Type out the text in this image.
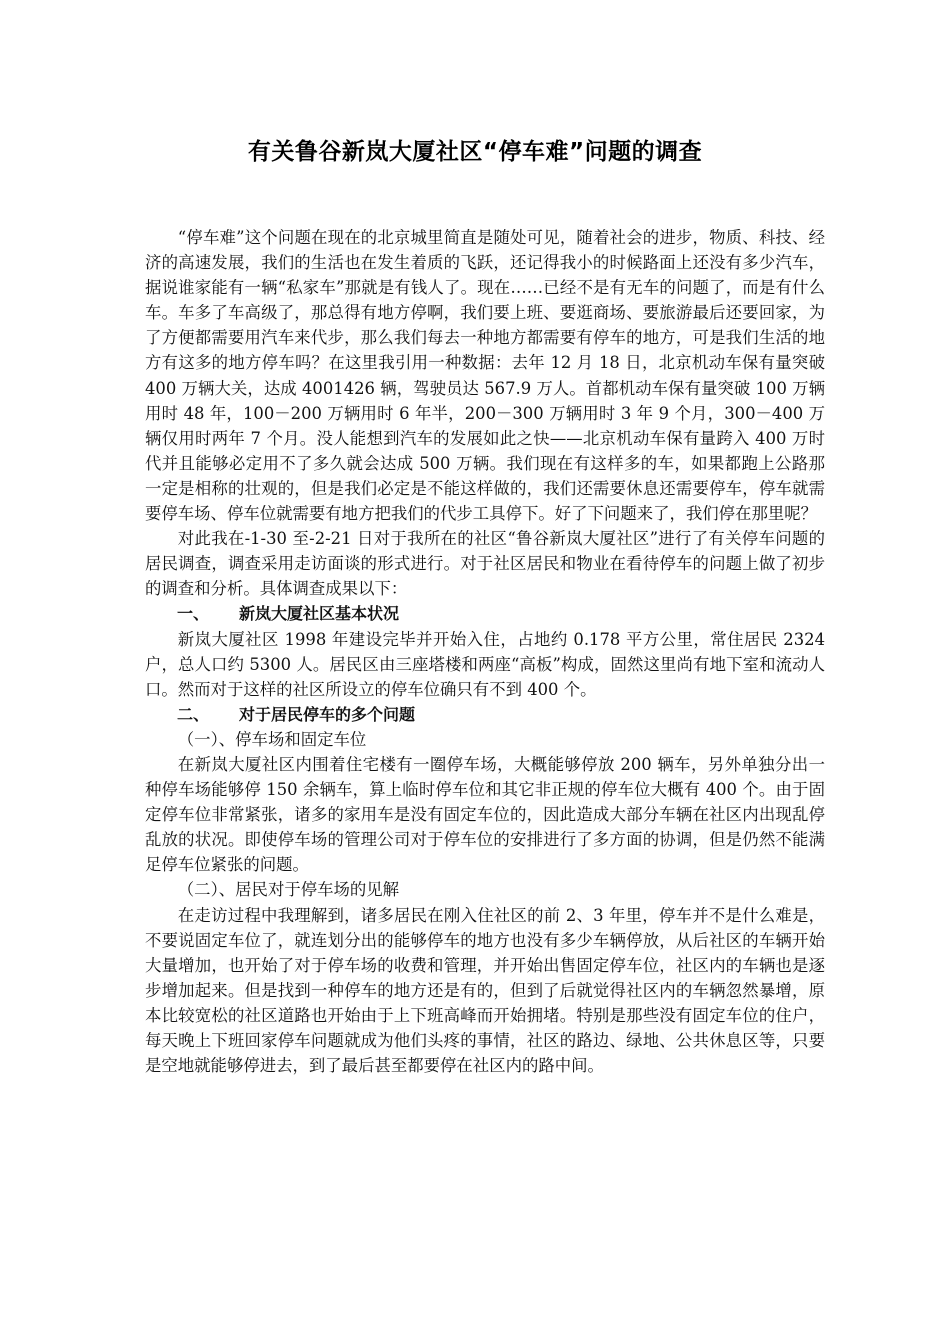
有关鲁谷新岚大厦社区“停车难”问题的调查

“停车难”这个问题在现在的北京城里简直是随处可见，随着社会的进步，物质、科技、经济的高速发展，我们的生活也在发生着质的飞跃，还记得我小的时候路面上还没有多少汽车，据说谁家能有一辆“私家车”那就是有钱人了。现在……已经不是有无车的问题了，而是有什么车。车多了车高级了，那总得有地方停啊，我们要上班、要逛商场、要旅游最后还要回家，为了方便都需要用汽车来代步，那么我们每去一种地方都需要有停车的地方，可是我们生活的地方有这多的地方停车吗？在这里我引用一种数据：去年 12 月 18 日，北京机动车保有量突破 400 万辆大关，达成 4001426 辆，驾驶员达 567.9 万人。首都机动车保有量突破 100 万辆用时 48 年，100－200 万辆用时 6 年半，200－300 万辆用时 3 年 9 个月，300－400 万辆仅用时两年 7 个月。没人能想到汽车的发展如此之快——北京机动车保有量跨入 400 万时代并且能够必定用不了多久就会达成 500 万辆。我们现在有这样多的车，如果都跑上公路那一定是相称的壮观的，但是我们必定是不能这样做的，我们还需要休息还需要停车，停车就需要停车场、停车位就需要有地方把我们的代步工具停下。好了下问题来了，我们停在那里呢？

对此我在-1-30 至-2-21 日对于我所在的社区“鲁谷新岚大厦社区”进行了有关停车问题的居民调查，调查采用走访面谈的形式进行。对于社区居民和物业在看待停车的问题上做了初步的调查和分析。具体调查成果以下：

一、 新岚大厦社区基本状况

新岚大厦社区 1998 年建设完毕并开始入住，占地约 0.178 平方公里，常住居民 2324 户，总人口约 5300 人。居民区由三座塔楼和两座“高板”构成，固然这里尚有地下室和流动人口。然而对于这样的社区所设立的停车位确只有不到 400 个。

二、 对于居民停车的多个问题

（一）、停车场和固定车位

在新岚大厦社区内围着住宅楼有一圈停车场，大概能够停放 200 辆车，另外单独分出一种停车场能够停 150 余辆车，算上临时停车位和其它非正规的停车位大概有 400 个。由于固定停车位非常紧张，诸多的家用车是没有固定车位的，因此造成大部分车辆在社区内出现乱停乱放的状况。即使停车场的管理公司对于停车位的安排进行了多方面的协调，但是仍然不能满足停车位紧张的问题。

（二）、居民对于停车场的见解

在走访过程中我理解到，诸多居民在刚入住社区的前 2、3 年里，停车并不是什么难是，不要说固定车位了，就连划分出的能够停车的地方也没有多少车辆停放，从后社区的车辆开始大量增加，也开始了对于停车场的收费和管理，并开始出售固定停车位，社区内的车辆也是逐步增加起来。但是找到一种停车的地方还是有的，但到了后就觉得社区内的车辆忽然暴增，原本比较宽松的社区道路也开始由于上下班高峰而开始拥堵。特别是那些没有固定车位的住户，每天晚上下班回家停车问题就成为他们头疼的事情，社区的路边、绿地、公共休息区等，只要是空地就能够停进去，到了最后甚至都要停在社区内的路中间。
